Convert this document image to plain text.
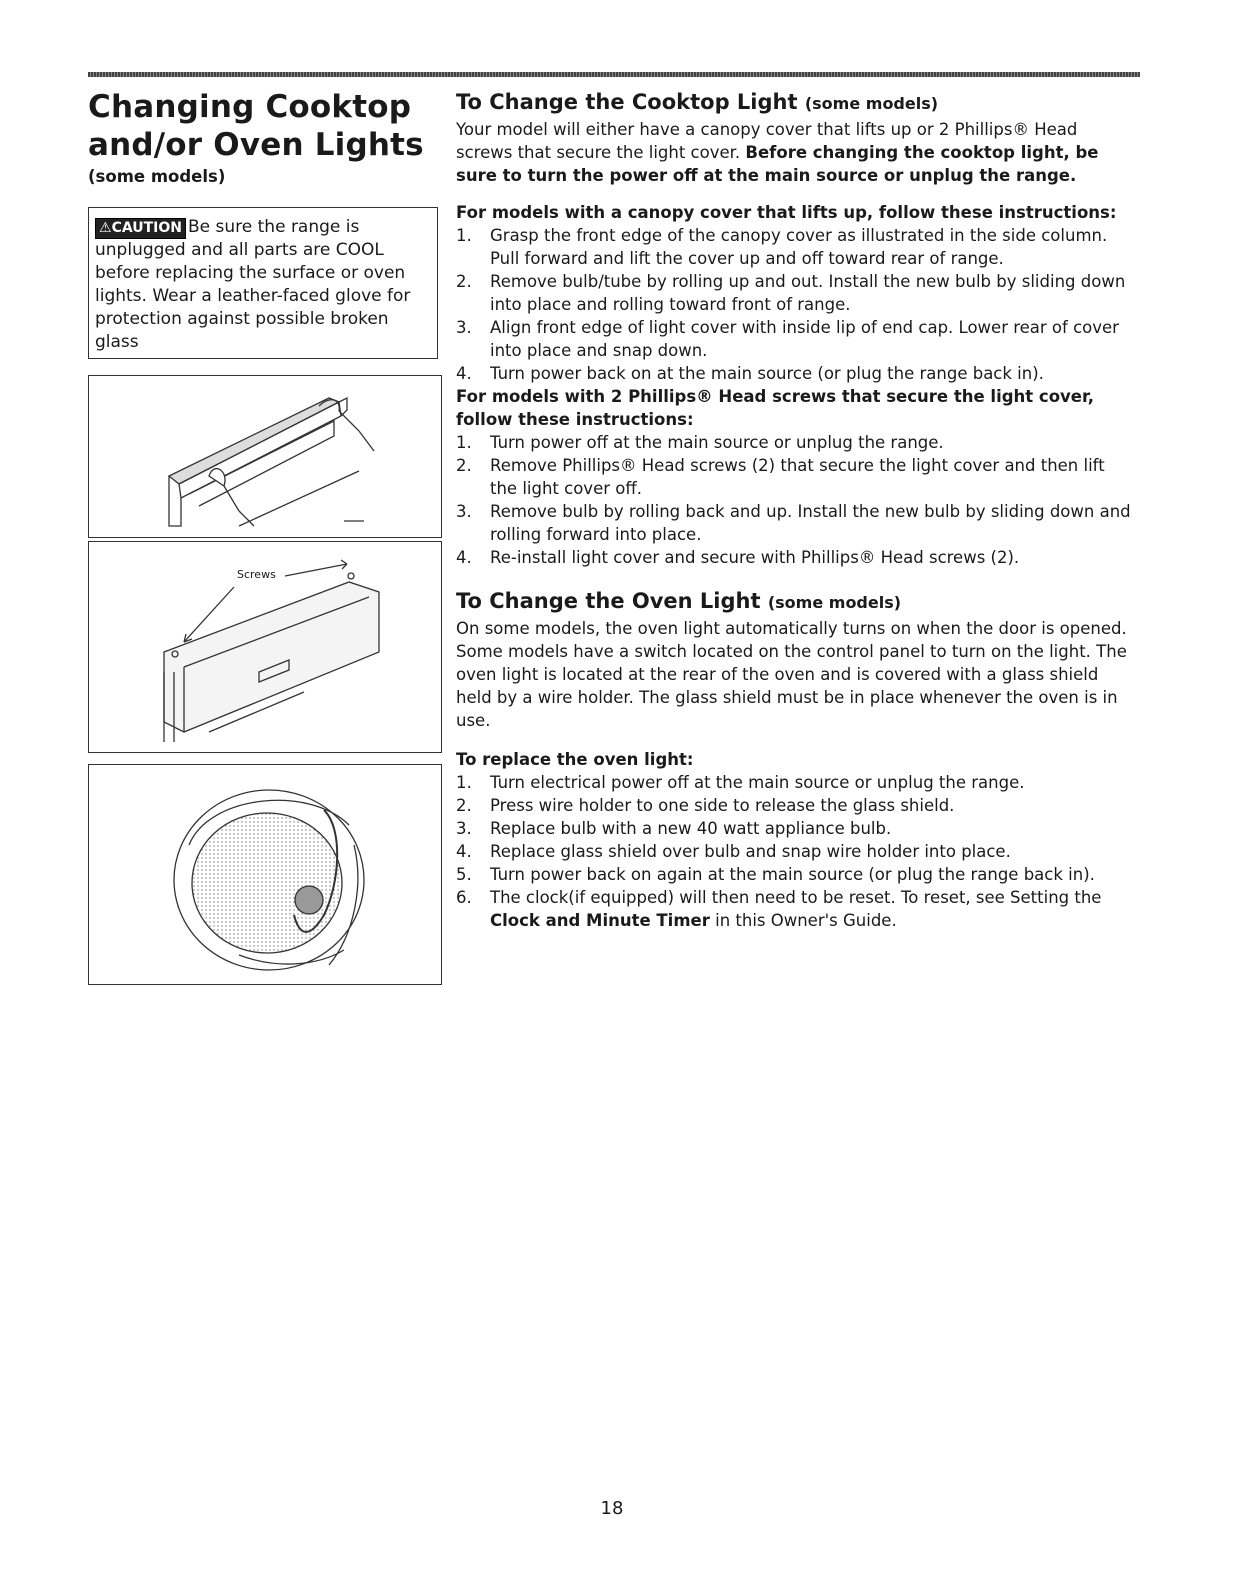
Changing Cooktop
and/or Oven Lights

(some models)

⚠CAUTION Be sure the range is unplugged and all parts are COOL before replacing the surface or oven lights. Wear a leather-faced glove for protection against possible broken glass
Screws
To Change the Cooktop Light (some models)

Your model will either have a canopy cover that lifts up or 2 Phillips® Head screws that secure the light cover. Before changing the cooktop light, be sure to turn the power off at the main source or unplug the range.

For models with a canopy cover that lifts up, follow these instructions:

1. Grasp the front edge of the canopy cover as illustrated in the side column. Pull forward and lift the cover up and off toward rear of range.
2. Remove bulb/tube by rolling up and out. Install the new bulb by sliding down into place and rolling toward front of range.
3. Align front edge of light cover with inside lip of end cap. Lower rear of cover into place and snap down.
4. Turn power back on at the main source (or plug the range back in).

For models with 2 Phillips® Head screws that secure the light cover, follow these instructions:

1. Turn power off at the main source or unplug the range.
2. Remove Phillips® Head screws (2) that secure the light cover and then lift the light cover off.
3. Remove bulb by rolling back and up. Install the new bulb by sliding down and rolling forward into place.
4. Re-install light cover and secure with Phillips® Head screws (2).
To Change the Oven Light (some models)

On some models, the oven light automatically turns on when the door is opened. Some models have a switch located on the control panel to turn on the light. The oven light is located at the rear of the oven and is covered with a glass shield held by a wire holder. The glass shield must be in place whenever the oven is in use.

To replace the oven light:

1. Turn electrical power off at the main source or unplug the range.
2. Press wire holder to one side to release the glass shield.
3. Replace bulb with a new 40 watt appliance bulb.
4. Replace glass shield over bulb and snap wire holder into place.
5. Turn power back on again at the main source (or plug the range back in).
6. The clock(if equipped) will then need to be reset. To reset, see Setting the Clock and Minute Timer in this Owner's Guide.
18
